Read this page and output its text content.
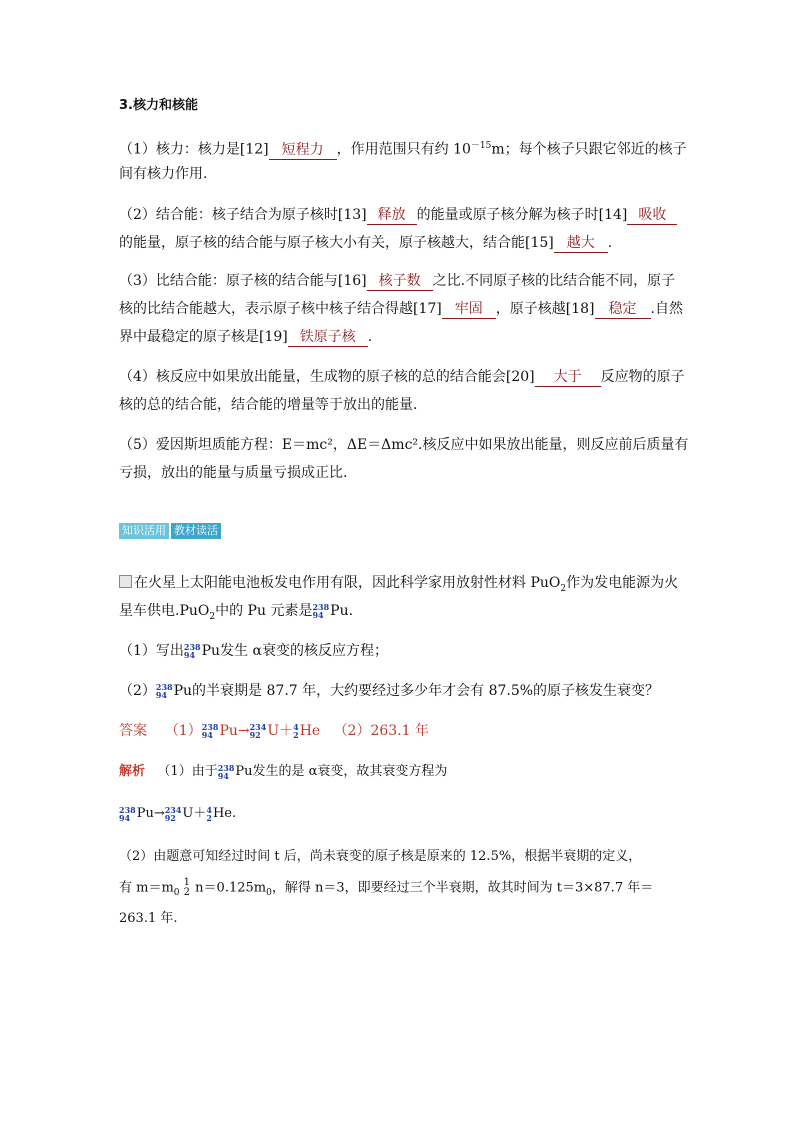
3.核力和核能
（1）核力：核力是[12] 短程力 ，作用范围只有约 $10^{-15}m$；每个核子只跟它邻近的核子
间有核力作用.
（2）结合能：核子结合为原子核时[13] 释放 的能量或原子核分解为核子时[14] 吸收
的能量，原子核的结合能与原子核大小有关，原子核越大，结合能[15] 越大 .
（3）比结合能：原子核的结合能与[16] 核子数 之比.不同原子核的比结合能不同，原子
核的比结合能越大，表示原子核中核子结合得越[17] 牢固 ，原子核越[18] 稳定 .自然
界中最稳定的原子核是[19] 铁原子核 .
（4）核反应中如果放出能量，生成物的原子核的总的结合能会[20] 大于 反应物的原子
核的总的结合能，结合能的增量等于放出的能量.
（5）爱因斯坦质能方程：E＝mc²，ΔE＝Δmc².核反应中如果放出能量，则反应前后质量有
亏损，放出的能量与质量亏损成正比.
知识活用 教材读活
在火星上太阳能电池板发电作用有限，因此科学家用放射性材料 PuO$_2$作为发电能源为火
星车供电.PuO$_2$中的 Pu 元素是 238
94 Pu.
（1）写出 238
94 Pu发生 α衰变的核反应方程；
（2） 238
94 Pu的半衰期是 87.7 年，大约要经过多少年才会有 87.5%的原子核发生衰变？
答案 （1） 238
94 Pu→ 234
92 U＋ 4
2 He （2）263.1 年
解析 （1）由于 238
94 Pu发生的是 α衰变，故其衰变方程为
238
94 Pu→ 234
92 U＋ 4
2 He.
（2）由题意可知经过时间 t 后，尚未衰变的原子核是原来的 12.5%，根据半衰期的定义，
有 $m=m_0$
1
2 $n=0.125m_0$，解得 n＝3，即要经过三个半衰期，故其时间为 t＝3×87.7 年＝
263.1 年.
